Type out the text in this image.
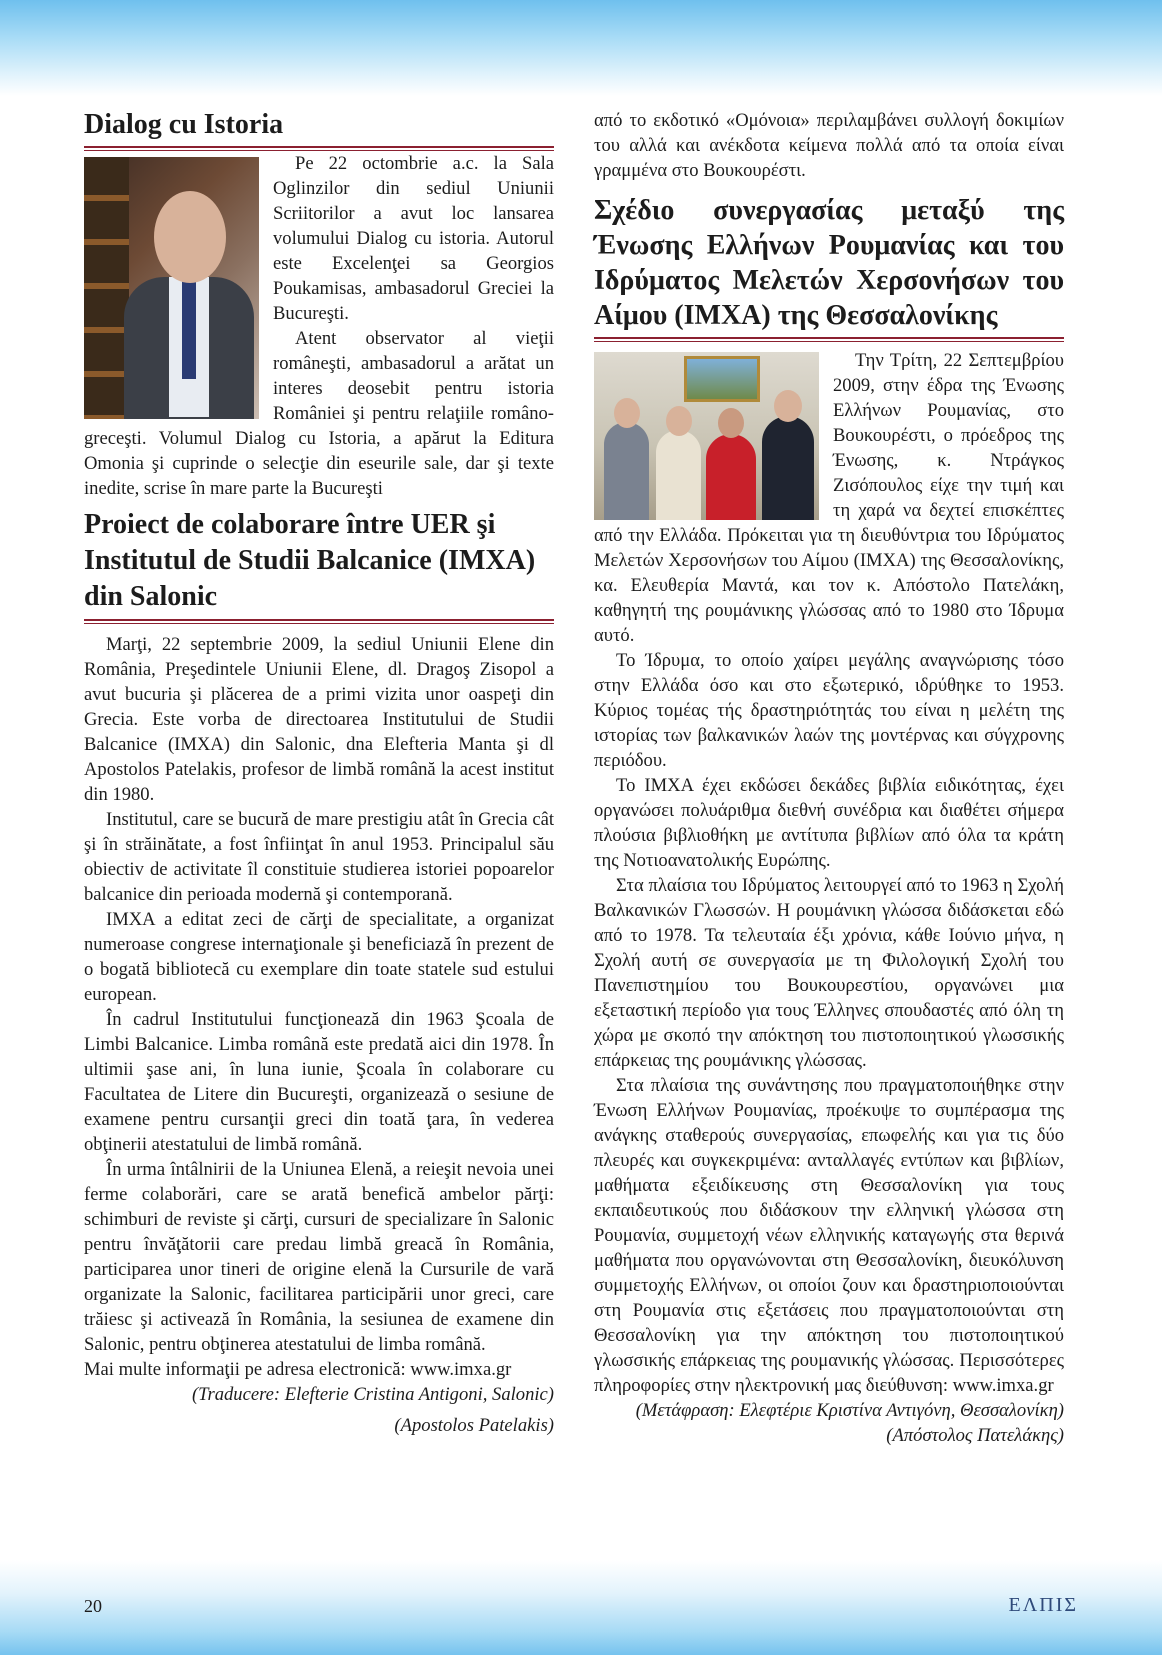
Dialog cu Istoria

Pe 22 octombrie a.c. la Sala Oglinzilor din sediul Uniunii Scriitorilor a avut loc lansarea volumului Dialog cu istoria. Autorul este Excelenţei sa Georgios Poukamisas, ambasadorul Greciei la Bucureşti.

Atent observator al vieţii româneşti, ambasadorul a arătat un interes deosebit pentru istoria României şi pentru relaţiile româno-greceşti. Volumul Dialog cu Istoria, a apărut la Editura Omonia şi cuprinde o selecţie din eseurile sale, dar şi texte inedite, scrise în mare parte la Bucureşti

Proiect de colaborare între UER şi Institutul de Studii Balcanice (IMXA) din Salonic

Marţi, 22 septembrie 2009, la sediul Uniunii Elene din România, Preşedintele Uniunii Elene, dl. Dragoş Zisopol a avut bucuria şi plăcerea de a primi vizita unor oaspeţi din Grecia. Este vorba de directoarea Institutului de Studii Balcanice (IMXA) din Salonic, dna Elefteria Manta şi dl Apostolos Patelakis, profesor de limbă română la acest institut din 1980.

Institutul, care se bucură de mare prestigiu atât în Grecia cât şi în străinătate, a fost înfiinţat în anul 1953. Principalul său obiectiv de activitate îl constituie studierea istoriei popoarelor balcanice din perioada modernă şi contemporană.

IMXA a editat zeci de cărţi de specialitate, a organizat numeroase congrese internaţionale şi beneficiază în prezent de o bogată bibliotecă cu exemplare din toate statele sud estului european.

În cadrul Institutului funcţionează din 1963 Şcoala de Limbi Balcanice. Limba română este predată aici din 1978. În ultimii şase ani, în luna iunie, Şcoala în colaborare cu Facultatea de Litere din Bucureşti, organizează o sesiune de examene pentru cursanţii greci din toată ţara, în vederea obţinerii atestatului de limbă română.

În urma întâlnirii de la Uniunea Elenă, a reieşit nevoia unei ferme colaborări, care se arată benefică ambelor părţi: schimburi de reviste şi cărţi, cursuri de specializare în Salonic pentru învăţătorii care predau limbă greacă în România, participarea unor tineri de origine elenă la Cursurile de vară organizate la Salonic, facilitarea participării unor greci, care trăiesc şi activează în România, la sesiunea de examene din Salonic, pentru obţinerea atestatului de limba română.

Mai multe informaţii pe adresa electronică: www.imxa.gr

(Traducere: Elefterie Cristina Antigoni, Salonic)

(Apostolos Patelakis)

από το εκδοτικό «Ομόνοια» περιλαμβάνει συλλογή δοκιμίων του αλλά και ανέκδοτα κείμενα πολλά από τα οποία είναι γραμμένα στο Βουκουρέστι.

Σχέδιο συνεργασίας μεταξύ της Ένωσης Ελλήνων Ρουμανίας και του Ιδρύματος Μελετών Χερσονήσων του Αίμου (ΙΜΧΑ) της Θεσσαλονίκης

Την Τρίτη, 22 Σεπτεμβρίου 2009, στην έδρα της Ένωσης Ελλήνων Ρουμανίας, στο Βουκουρέστι, ο πρόεδρος της Ένωσης, κ. Ντράγκος Ζισόπουλος είχε την τιμή και τη χαρά να δεχτεί επισκέπτες από την Ελλάδα. Πρόκειται για τη διευθύντρια του Ιδρύματος Μελετών Χερσονήσων του Αίμου (ΙΜΧΑ) της Θεσσαλονίκης, κα. Ελευθερία Μαντά, και τον κ. Απόστολο Πατελάκη, καθηγητή της ρουμάνικης γλώσσας από το 1980 στο Ίδρυμα αυτό.

Το Ίδρυμα, το οποίο χαίρει μεγάλης αναγνώρισης τόσο στην Ελλάδα όσο και στο εξωτερικό, ιδρύθηκε το 1953. Κύριος τομέας τής δραστηριότητάς του είναι η μελέτη της ιστορίας των βαλκανικών λαών της μοντέρνας και σύγχρονης περιόδου.

Το ΙΜΧΑ έχει εκδώσει δεκάδες βιβλία ειδικότητας, έχει οργανώσει πολυάριθμα διεθνή συνέδρια και διαθέτει σήμερα πλούσια βιβλιοθήκη με αντίτυπα βιβλίων από όλα τα κράτη της Νοτιοανατολικής Ευρώπης.

Στα πλαίσια του Ιδρύματος λειτουργεί από το 1963 η Σχολή Βαλκανικών Γλωσσών. Η ρουμάνικη γλώσσα διδάσκεται εδώ από το 1978. Τα τελευταία έξι χρόνια, κάθε Ιούνιο μήνα, η Σχολή αυτή σε συνεργασία με τη Φιλολογική Σχολή του Πανεπιστημίου του Βουκουρεστίου, οργανώνει μια εξεταστική περίοδο για τους Έλληνες σπουδαστές από όλη τη χώρα με σκοπό την απόκτηση του πιστοποιητικού γλωσσικής επάρκειας της ρουμάνικης γλώσσας.

Στα πλαίσια της συνάντησης που πραγματοποιήθηκε στην Ένωση Ελλήνων Ρουμανίας, προέκυψε το συμπέρασμα της ανάγκης σταθερούς συνεργασίας, επωφελής και για τις δύο πλευρές και συγκεκριμένα: ανταλλαγές εντύπων και βιβλίων, μαθήματα εξειδίκευσης στη Θεσσαλονίκη για τους εκπαιδευτικούς που διδάσκουν την ελληνική γλώσσα στη Ρουμανία, συμμετοχή νέων ελληνικής καταγωγής στα θερινά μαθήματα που οργανώνονται στη Θεσσαλονίκη, διευκόλυνση συμμετοχής Ελλήνων, οι οποίοι ζουν και δραστηριοποιούνται στη Ρουμανία στις εξετάσεις που πραγματοποιούνται στη Θεσσαλονίκη για την απόκτηση του πιστοποιητικού γλωσσικής επάρκειας της ρουμανικής γλώσσας. Περισσότερες πληροφορίες στην ηλεκτρονική μας διεύθυνση: www.imxa.gr

(Μετάφραση: Ελεφτέριε Κριστίνα Αντιγόνη, Θεσσαλονίκη)

(Απόστολος Πατελάκης)

20	ΕΛΠΙΣ
